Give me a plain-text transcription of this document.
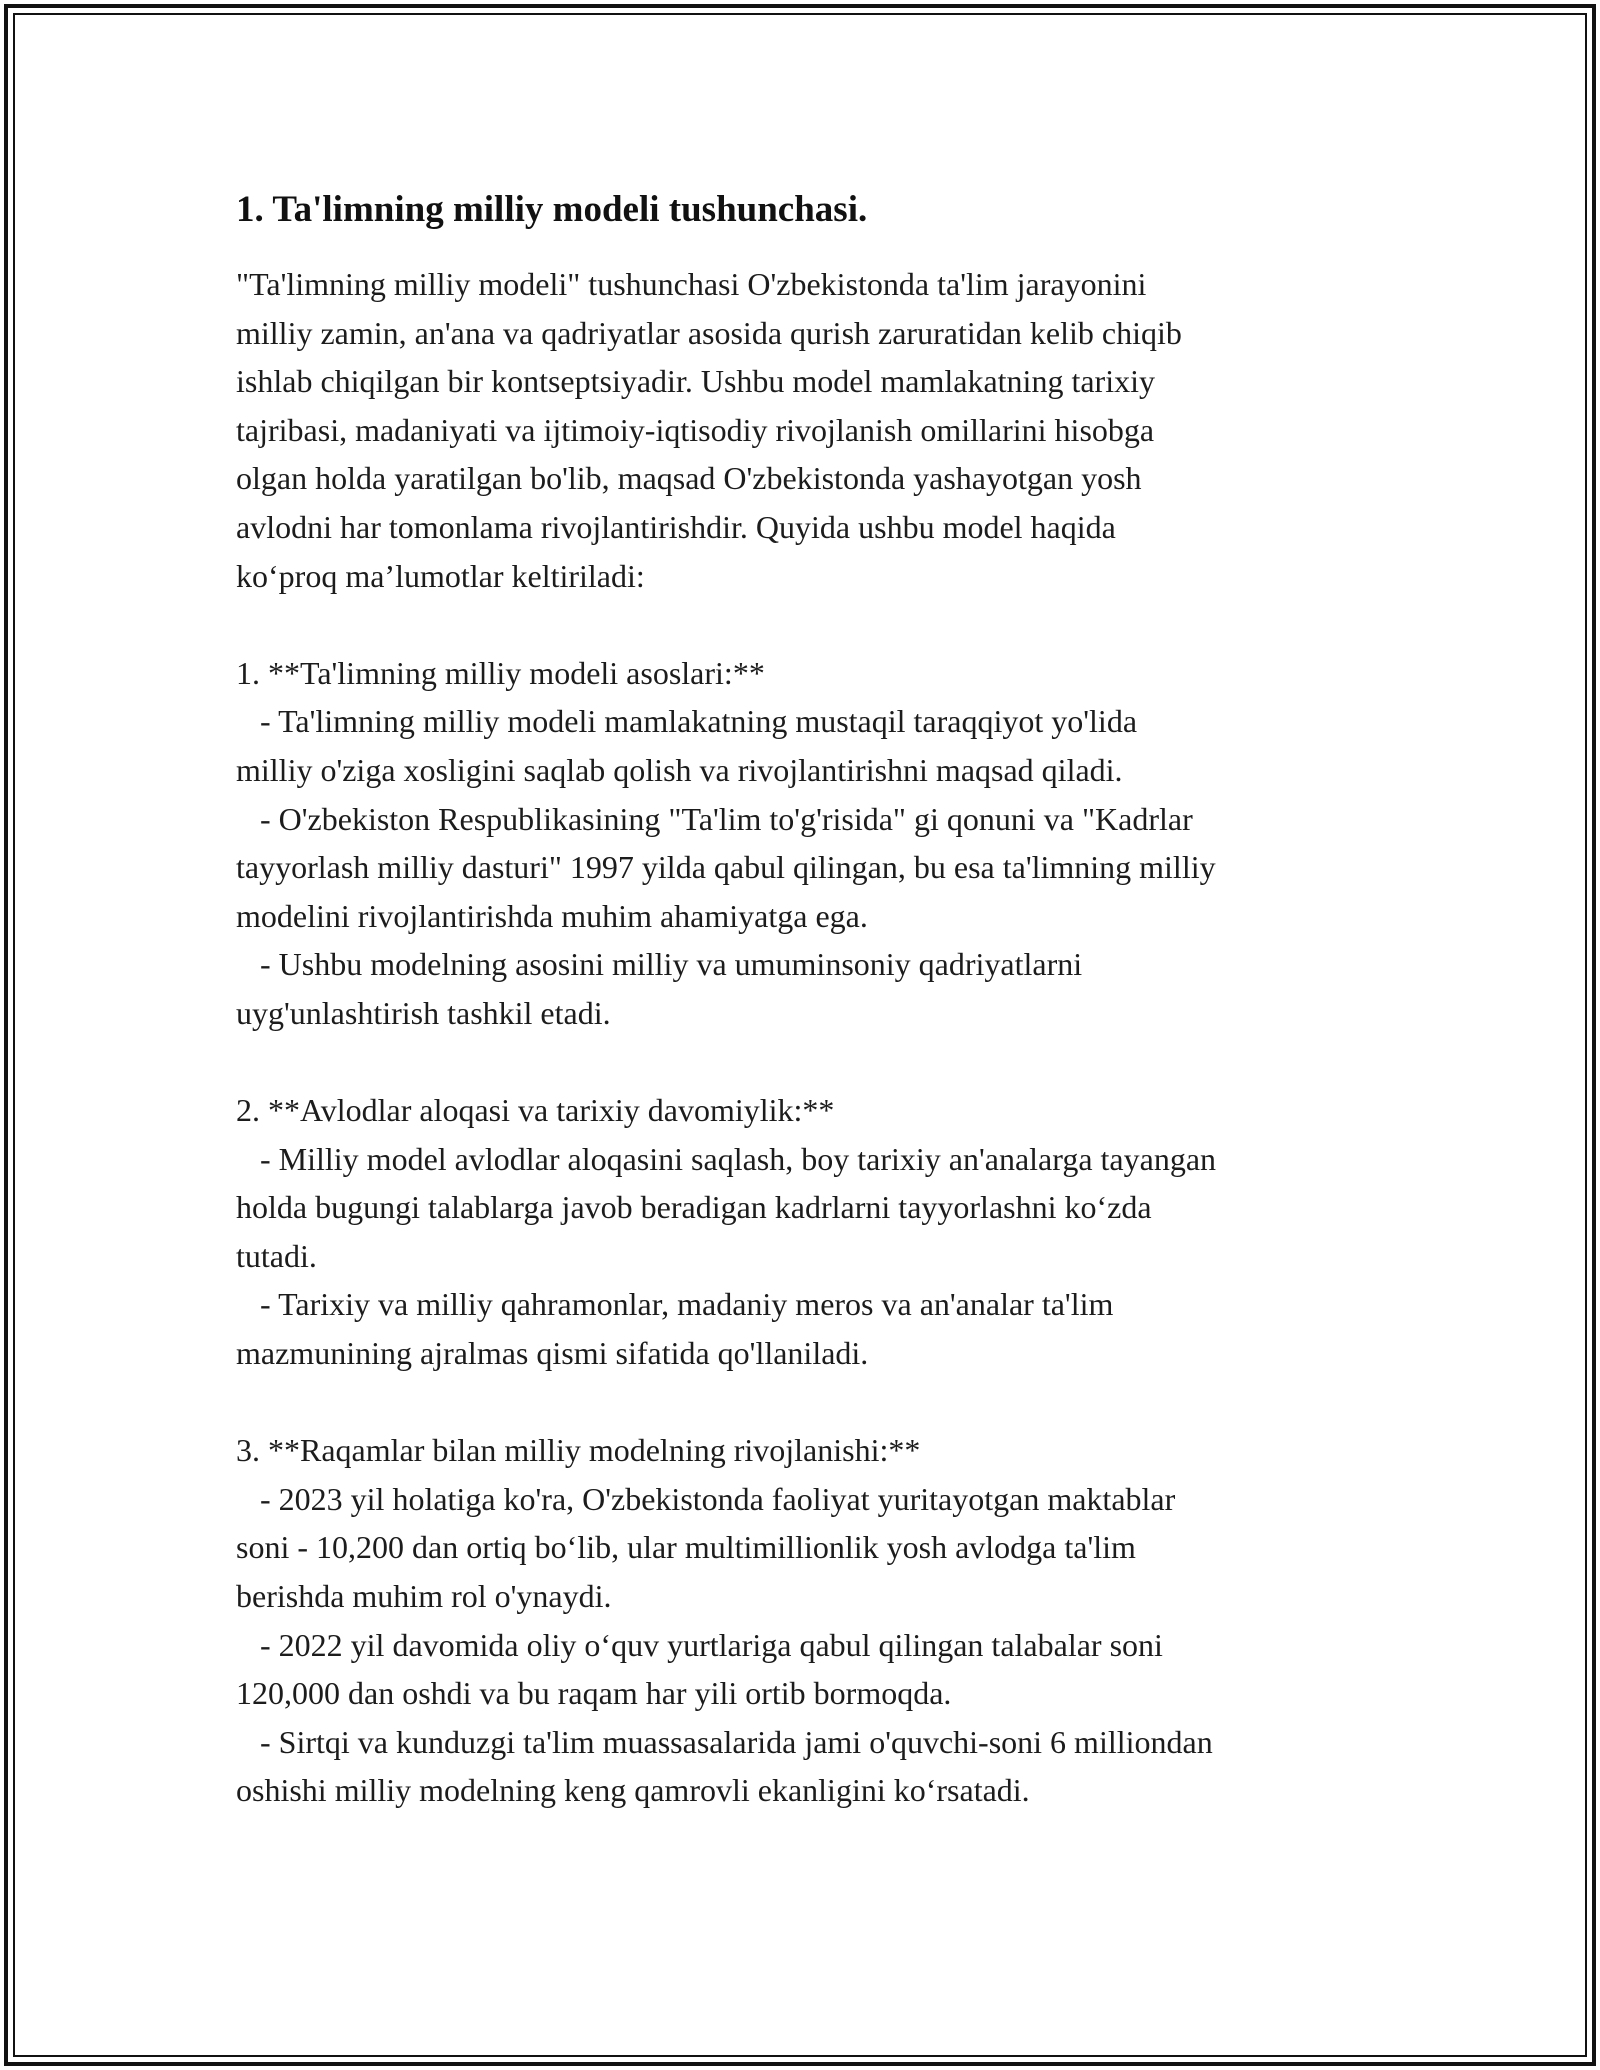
1. Ta'limning milliy modeli tushunchasi.

"Ta'limning milliy modeli" tushunchasi O'zbekistonda ta'lim jarayonini

milliy zamin, an'ana va qadriyatlar asosida qurish zaruratidan kelib chiqib

ishlab chiqilgan bir kontseptsiyadir. Ushbu model mamlakatning tarixiy

tajribasi, madaniyati va ijtimoiy-iqtisodiy rivojlanish omillarini hisobga

olgan holda yaratilgan bo'lib, maqsad O'zbekistonda yashayotgan yosh

avlodni har tomonlama rivojlantirishdir. Quyida ushbu model haqida

ko‘proq ma’lumotlar keltiriladi:

1. **Ta'limning milliy modeli asoslari:**

- Ta'limning milliy modeli mamlakatning mustaqil taraqqiyot yo'lida

milliy o'ziga xosligini saqlab qolish va rivojlantirishni maqsad qiladi.

- O'zbekiston Respublikasining "Ta'lim to'g'risida" gi qonuni va "Kadrlar

tayyorlash milliy dasturi" 1997 yilda qabul qilingan, bu esa ta'limning milliy

modelini rivojlantirishda muhim ahamiyatga ega.

- Ushbu modelning asosini milliy va umuminsoniy qadriyatlarni

uyg'unlashtirish tashkil etadi.

2. **Avlodlar aloqasi va tarixiy davomiylik:**

- Milliy model avlodlar aloqasini saqlash, boy tarixiy an'analarga tayangan

holda bugungi talablarga javob beradigan kadrlarni tayyorlashni ko‘zda

tutadi.

- Tarixiy va milliy qahramonlar, madaniy meros va an'analar ta'lim

mazmunining ajralmas qismi sifatida qo'llaniladi.

3. **Raqamlar bilan milliy modelning rivojlanishi:**

- 2023 yil holatiga ko'ra, O'zbekistonda faoliyat yuritayotgan maktablar

soni - 10,200 dan ortiq bo‘lib, ular multimillionlik yosh avlodga ta'lim

berishda muhim rol o'ynaydi.

- 2022 yil davomida oliy o‘quv yurtlariga qabul qilingan talabalar soni

120,000 dan oshdi va bu raqam har yili ortib bormoqda.

- Sirtqi va kunduzgi ta'lim muassasalarida jami o'quvchi-soni 6 milliondan

oshishi milliy modelning keng qamrovli ekanligini ko‘rsatadi.
